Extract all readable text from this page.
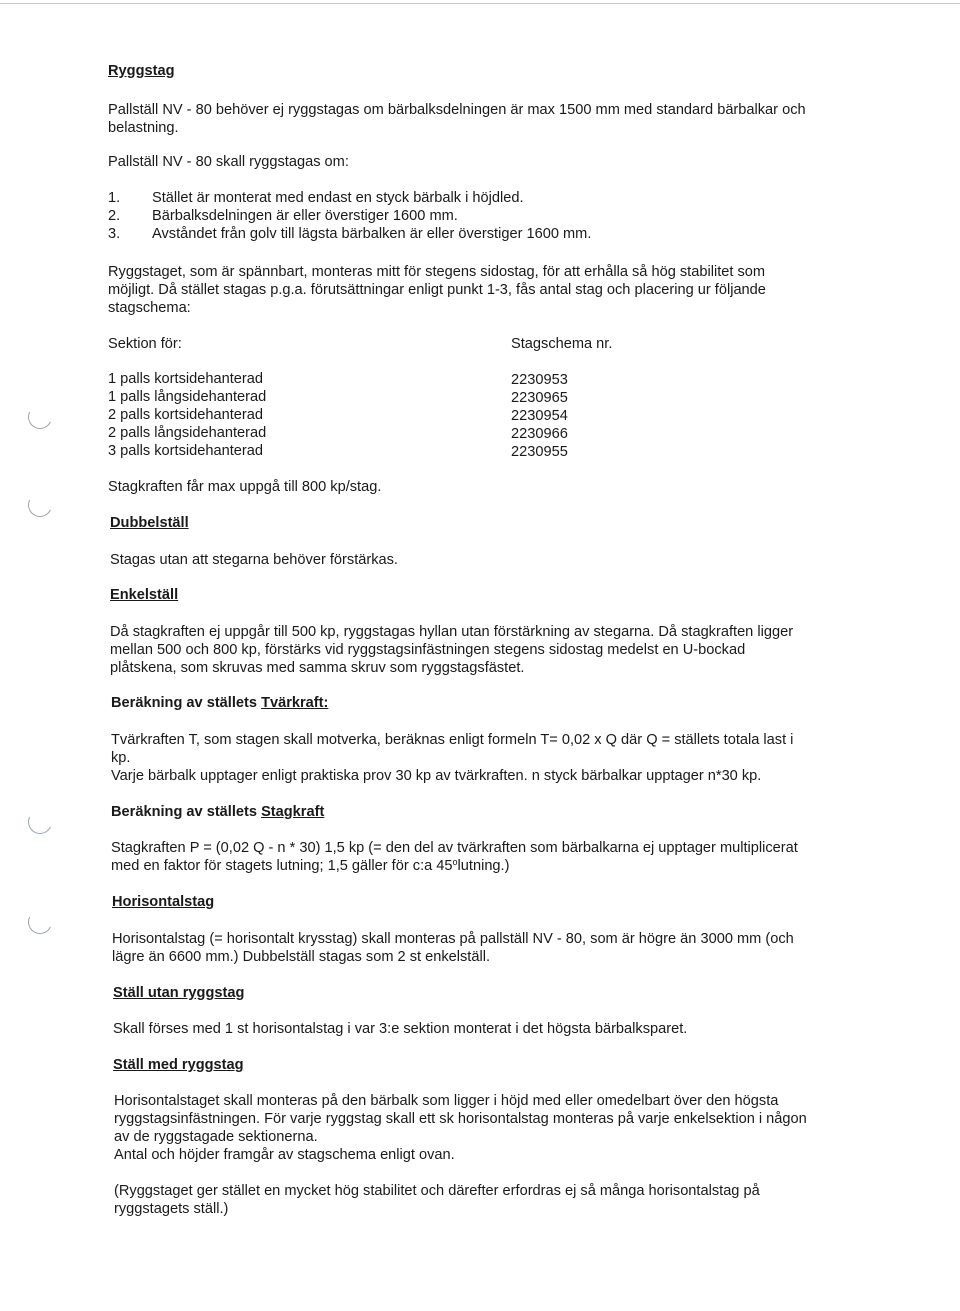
Ryggstag
Pallställ NV - 80 behöver ej ryggstagas om bärbalksdelningen är max 1500 mm med standard bärbalkar och
belastning.
Pallställ NV - 80 skall ryggstagas om:
1. Stället är monterat med endast en styck bärbalk i höjdled.
2. Bärbalksdelningen är eller överstiger 1600 mm.
3. Avståndet från golv till lägsta bärbalken är eller överstiger 1600 mm.
Ryggstaget, som är spännbart, monteras mitt för stegens sidostag, för att erhålla så hög stabilitet som
möjligt. Då stället stagas p.g.a. förutsättningar enligt punkt 1-3, fås antal stag och placering ur följande
stagschema:
Sektion för:	Stagschema nr.
1 palls kortsidehanterad	2230953
1 palls långsidehanterad	2230965
2 palls kortsidehanterad	2230954
2 palls långsidehanterad	2230966
3 palls kortsidehanterad	2230955
Stagkraften får max uppgå till 800 kp/stag.
Dubbelställ
Stagas utan att stegarna behöver förstärkas.
Enkelställ
Då stagkraften ej uppgår till 500 kp, ryggstagas hyllan utan förstärkning av stegarna. Då stagkraften ligger
mellan 500 och 800 kp, förstärks vid ryggstagsinfästningen stegens sidostag medelst en U-bockad
plåtskena, som skruvas med samma skruv som ryggstagsfästet.
Beräkning av ställets Tvärkraft:
Tvärkraften T, som stagen skall motverka, beräknas enligt formeln T= 0,02 x Q där Q = ställets totala last i
kp.
Varje bärbalk upptager enligt praktiska prov 30 kp av tvärkraften. n styck bärbalkar upptager n*30 kp.
Beräkning av ställets Stagkraft
Stagkraften P = (0,02 Q - n * 30) 1,5 kp (= den del av tvärkraften som bärbalkarna ej upptager multiplicerat
med en faktor för stagets lutning; 1,5 gäller för c:a 45$^o$lutning.)
Horisontalstag
Horisontalstag (= horisontalt krysstag) skall monteras på pallställ NV - 80, som är högre än 3000 mm (och
lägre än 6600 mm.) Dubbelställ stagas som 2 st enkelställ.
Ställ utan ryggstag
Skall förses med 1 st horisontalstag i var 3:e sektion monterat i det högsta bärbalksparet.
Ställ med ryggstag
Horisontalstaget skall monteras på den bärbalk som ligger i höjd med eller omedelbart över den högsta
ryggstagsinfästningen. För varje ryggstag skall ett sk horisontalstag monteras på varje enkelsektion i någon
av de ryggstagade sektionerna.
Antal och höjder framgår av stagschema enligt ovan.
(Ryggstaget ger stället en mycket hög stabilitet och därefter erfordras ej så många horisontalstag på
ryggstagets ställ.)
